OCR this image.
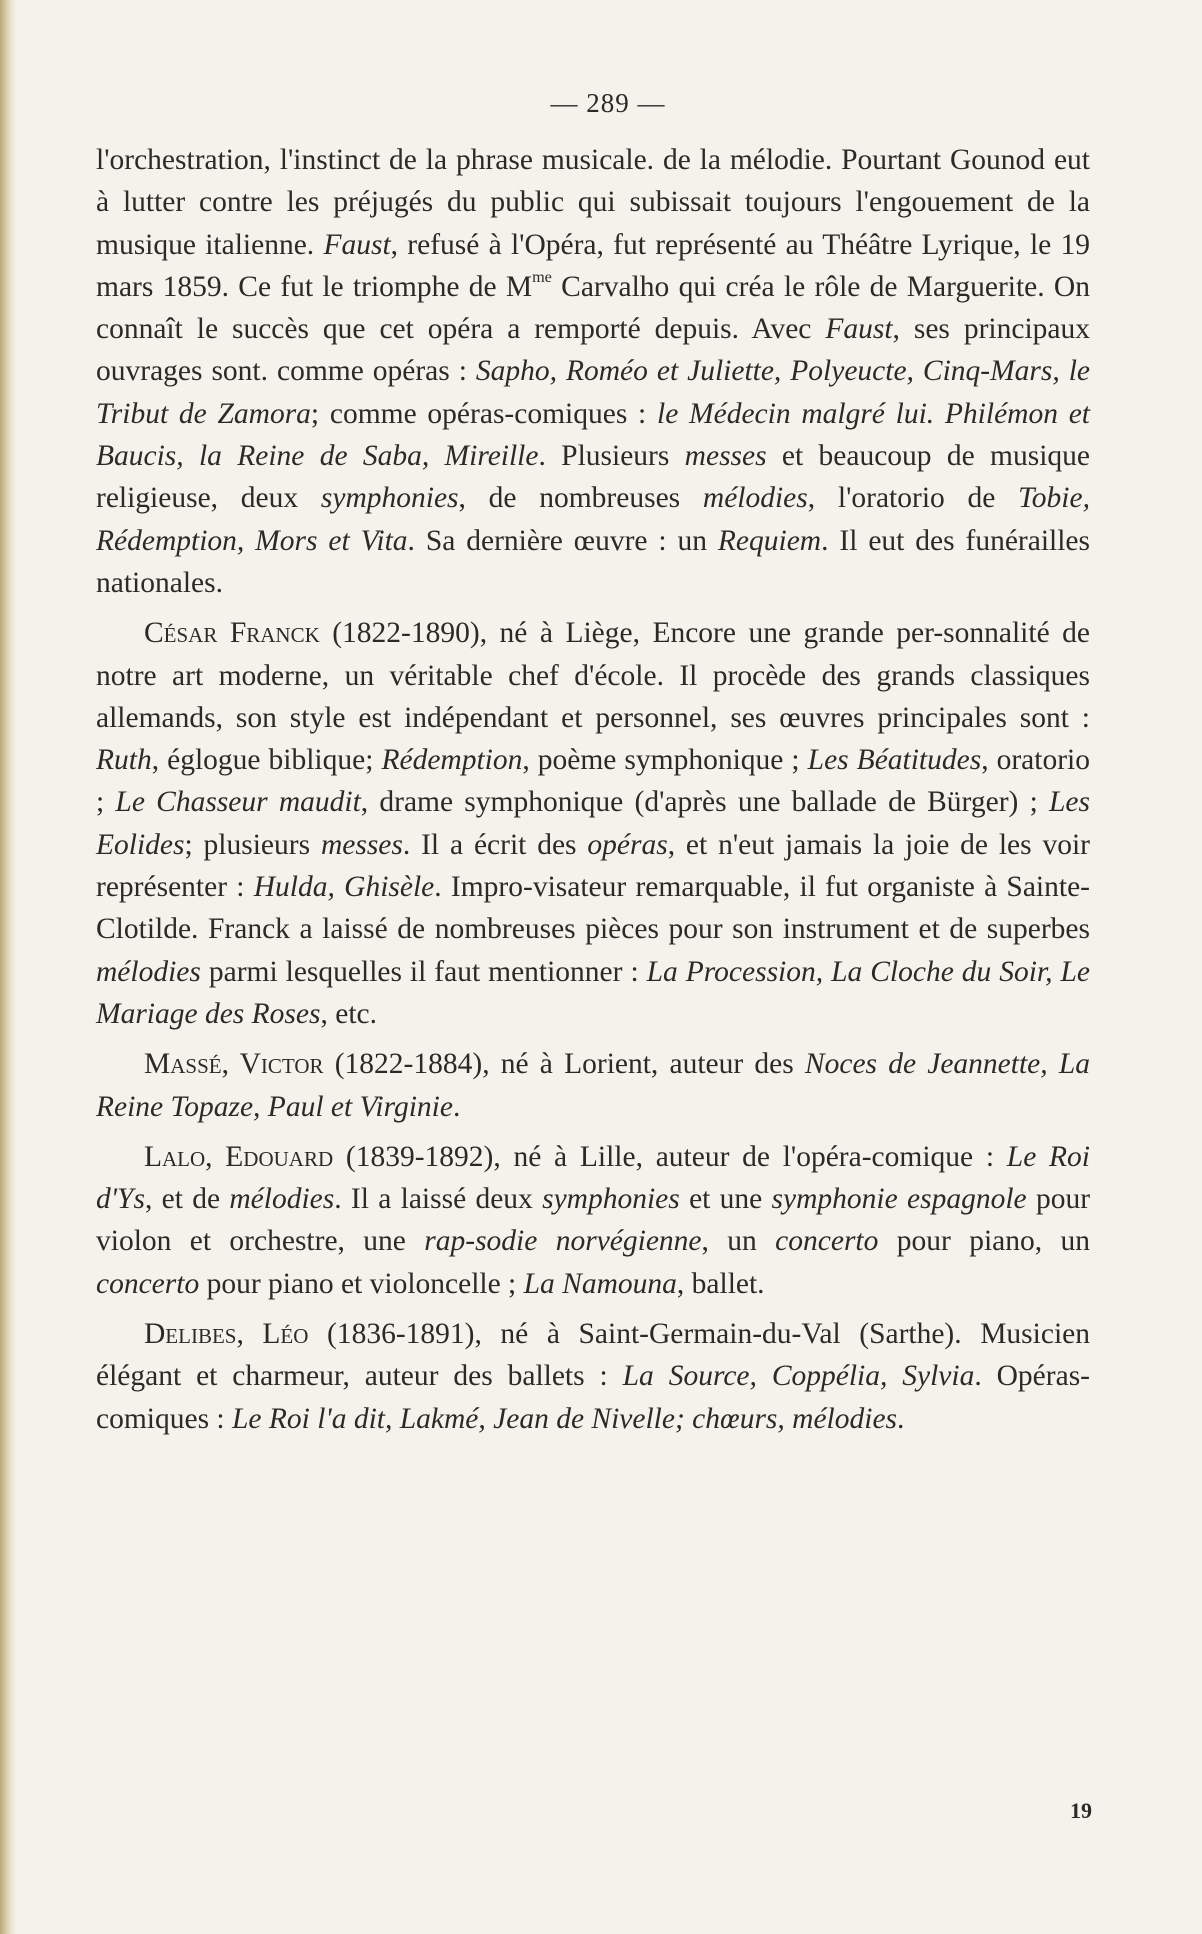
— 289 —

l'orchestration, l'instinct de la phrase musicale. de la mélodie. Pourtant Gounod eut à lutter contre les préjugés du public qui subissait toujours l'engouement de la musique italienne. Faust, refusé à l'Opéra, fut représenté au Théâtre Lyrique, le 19 mars 1859. Ce fut le triomphe de $M^{me}$ Carvalho qui créa le rôle de Marguerite. On connaît le succès que cet opéra a remporté depuis. Avec Faust, ses principaux ouvrages sont. comme opéras : Sapho, Roméo et Juliette, Polyeucte, Cinq-Mars, le Tribut de Zamora; comme opéras-comiques : le Médecin malgré lui. Philémon et Baucis, la Reine de Saba, Mireille. Plusieurs messes et beaucoup de musique religieuse, deux symphonies, de nombreuses mélodies, l'oratorio de Tobie, Rédemption, Mors et Vita. Sa dernière œuvre : un Requiem. Il eut des funérailles nationales.

César Franck (1822-1890), né à Liège, Encore une grande per-sonnalité de notre art moderne, un véritable chef d'école. Il procède des grands classiques allemands, son style est indépendant et personnel, ses œuvres principales sont : Ruth, églogue biblique; Rédemption, poème symphonique ; Les Béatitudes, oratorio ; Le Chasseur maudit, drame symphonique (d'après une ballade de Bürger) ; Les Eolides; plusieurs messes. Il a écrit des opéras, et n'eut jamais la joie de les voir représenter : Hulda, Ghisèle. Impro-visateur remarquable, il fut organiste à Sainte-Clotilde. Franck a laissé de nombreuses pièces pour son instrument et de superbes mélodies parmi lesquelles il faut mentionner : La Procession, La Cloche du Soir, Le Mariage des Roses, etc.

Massé, Victor (1822-1884), né à Lorient, auteur des Noces de Jeannette, La Reine Topaze, Paul et Virginie.

Lalo, Edouard (1839-1892), né à Lille, auteur de l'opéra-comique : Le Roi d'Ys, et de mélodies. Il a laissé deux symphonies et une symphonie espagnole pour violon et orchestre, une rap-sodie norvégienne, un concerto pour piano, un concerto pour piano et violoncelle ; La Namouna, ballet.

Delibes, Léo (1836-1891), né à Saint-Germain-du-Val (Sarthe). Musicien élégant et charmeur, auteur des ballets : La Source, Coppélia, Sylvia. Opéras-comiques : Le Roi l'a dit, Lakmé, Jean de Nivelle; chœurs, mélodies.

19
